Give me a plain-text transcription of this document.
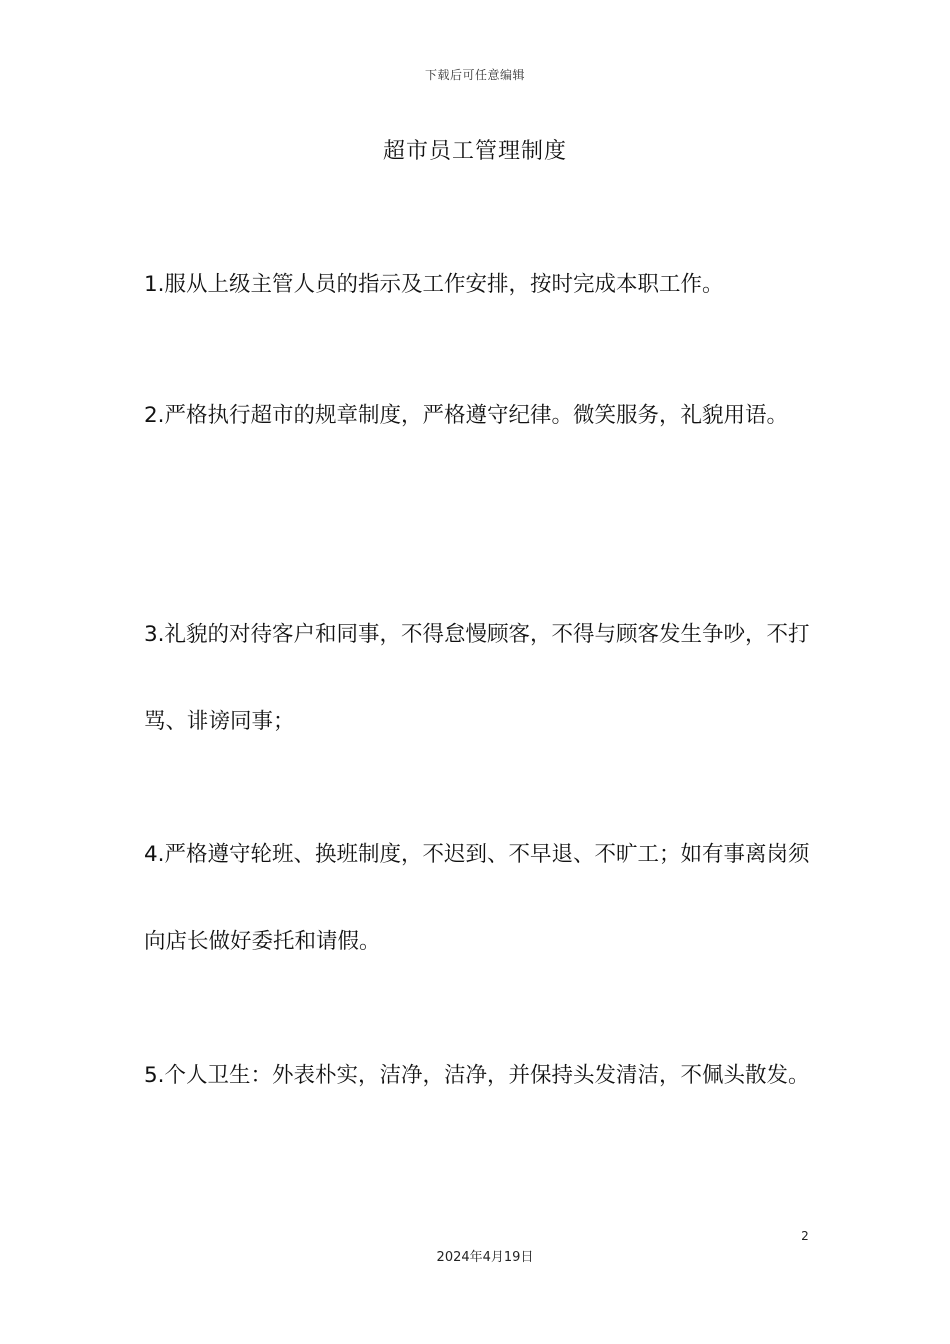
下载后可任意编辑
超市员工管理制度

1.服从上级主管人员的指示及工作安排，按时完成本职工作。

2.严格执行超市的规章制度，严格遵守纪律。微笑服务，礼貌用语。

3.礼貌的对待客户和同事，不得怠慢顾客，不得与顾客发生争吵，不打骂、诽谤同事；

4.严格遵守轮班、换班制度，不迟到、不早退、不旷工；如有事离岗须向店长做好委托和请假。

5.个人卫生：外表朴实，洁净，洁净，并保持头发清洁，不佩头散发。

2
2024年4月19日
